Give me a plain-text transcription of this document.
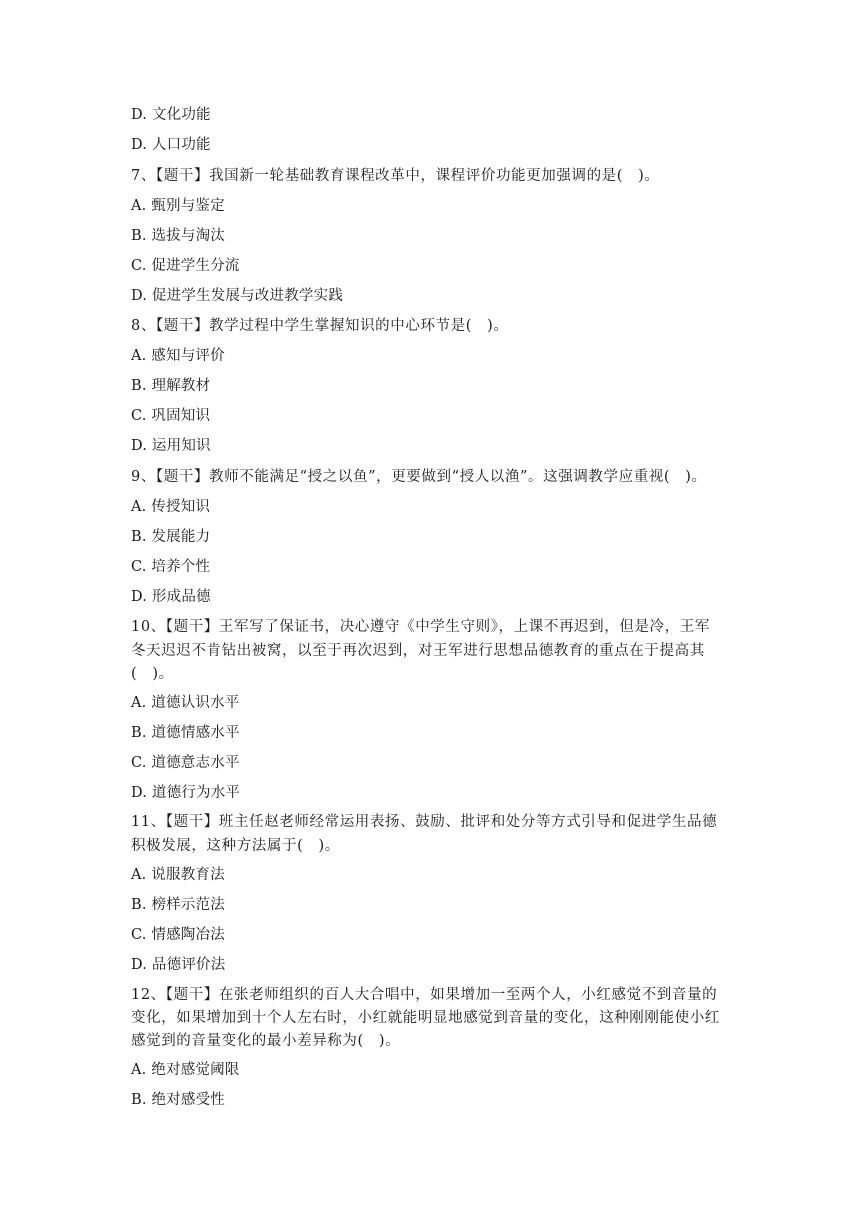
D. 文化功能
D. 人口功能
7、【题干】我国新一轮基础教育课程改革中，课程评价功能更加强调的是(　)。
A. 甄别与鉴定
B. 选拔与淘汰
C. 促进学生分流
D. 促进学生发展与改进教学实践
8、【题干】教学过程中学生掌握知识的中心环节是(　)。
A. 感知与评价
B. 理解教材
C. 巩固知识
D. 运用知识
9、【题干】教师不能满足“授之以鱼”，更要做到“授人以渔”。这强调教学应重视(　)。
A. 传授知识
B. 发展能力
C. 培养个性
D. 形成品德
10、【题干】王军写了保证书，决心遵守《中学生守则》，上课不再迟到，但是冷，王军
冬天迟迟不肯钻出被窝，以至于再次迟到，对王军进行思想品德教育的重点在于提高其
(　)。
A. 道德认识水平
B. 道德情感水平
C. 道德意志水平
D. 道德行为水平
11、【题干】班主任赵老师经常运用表扬、鼓励、批评和处分等方式引导和促进学生品德
积极发展，这种方法属于(　)。
A. 说服教育法
B. 榜样示范法
C. 情感陶冶法
D. 品德评价法
12、【题干】在张老师组织的百人大合唱中，如果增加一至两个人，小红感觉不到音量的
变化，如果增加到十个人左右时，小红就能明显地感觉到音量的变化，这种刚刚能使小红
感觉到的音量变化的最小差异称为(　)。
A. 绝对感觉阈限
B. 绝对感受性
